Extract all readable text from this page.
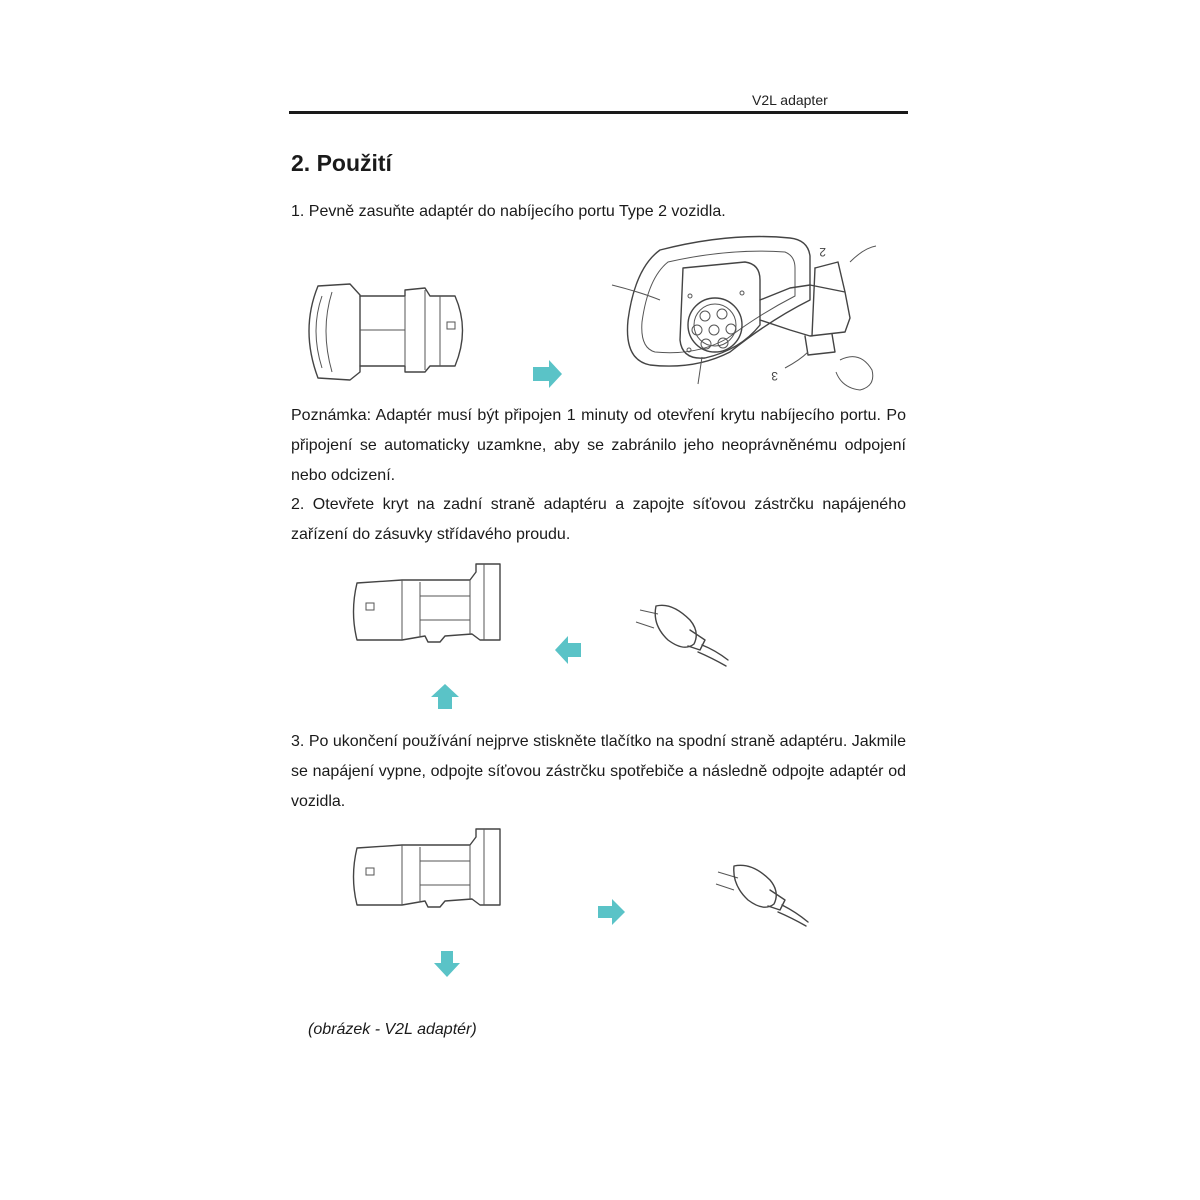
V2L adapter
2. Použití

1. Pevně zasuňte adaptér do nabíjecího portu Type 2 vozidla.

Poznámka: Adaptér musí být připojen 1 minuty od otevření krytu nabíjecího portu. Po připojení se automaticky uzamkne, aby se zabránilo jeho neoprávněnému odpojení nebo odcizení.

2. Otevřete kryt na zadní straně adaptéru a zapojte síťovou zástrčku napájeného zařízení do zásuvky střídavého proudu.

3. Po ukončení používání nejprve stiskněte tlačítko na spodní straně adaptéru. Jakmile se napájení vypne, odpojte síťovou zástrčku spotřebiče a následně odpojte adaptér od vozidla.

2
3

(obrázek - V2L adaptér)
